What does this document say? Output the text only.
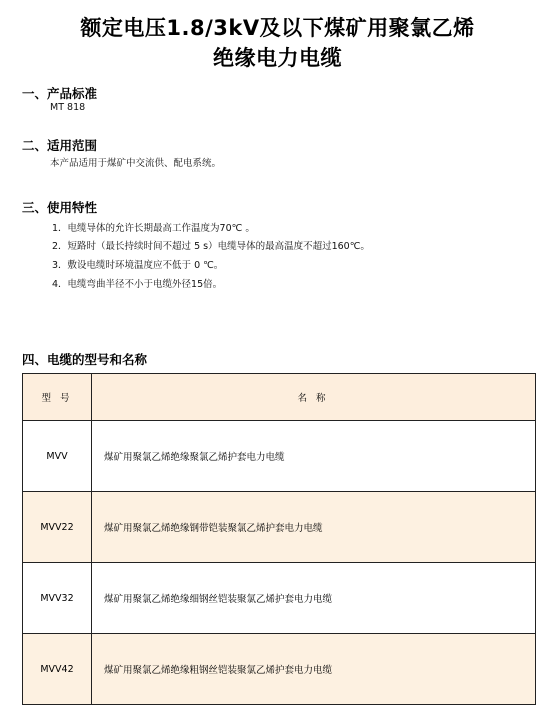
额定电压1.8/3kV及以下煤矿用聚氯乙烯
绝缘电力电缆
一、产品标准
MT 818
二、适用范围
本产品适用于煤矿中交流供、配电系统。
三、使用特性
1．电缆导体的允许长期最高工作温度为70℃ 。
2．短路时（最长持续时间不超过 5 s）电缆导体的最高温度不超过160℃。
3．敷设电缆时环境温度应不低于 0 ℃。
4．电缆弯曲半径不小于电缆外径15倍。
四、电缆的型号和名称
型 号	名 称
MVV	煤矿用聚氯乙烯绝缘聚氯乙烯护套电力电缆
MVV22	煤矿用聚氯乙烯绝缘钢带铠装聚氯乙烯护套电力电缆
MVV32	煤矿用聚氯乙烯绝缘细钢丝铠装聚氯乙烯护套电力电缆
MVV42	煤矿用聚氯乙烯绝缘粗钢丝铠装聚氯乙烯护套电力电缆
